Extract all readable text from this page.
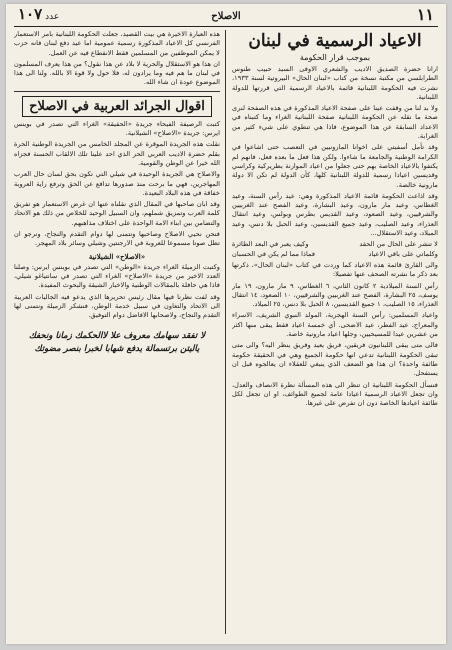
١١
الاصلاح
عدد١٠٧
الاعياد الرسمية في لبنان
بموجب قرار الحكومة

ارانا حضرة الصديق الاديب والشعري الاوفى السيد حبيب طنوس الطرابلسي من مكتبة نسخة من كتاب «لبنان الحال» البيروتية لسنة ١٩٣٣، نشرت فيه الحكومة اللبنانية قائمة بالاعياد الرسمية التي قررتها للدولة اللبنانية.

ولا بد لنا من وقفت عينا على صفحة الاعياد المذكورة في هذه الصفحة لنرى صحة ما نقله عن الحكومة اللبنانية صفحة اللبنانية الغراء وما كتبناه في الاعداد السابقة عن هذا الموضوع، فاذا هي تنطوي على شيء كثير من الغرابة.

وقد تأمل أسفيتي على اخوانا المارونيين في التعصب حتى اشاعوا في الكرامة الوطنية والجامعة ما شاءوا. ولكن هذا فعل ما بعده فعل، فانهم لم يكتفوا بالاعياد الخاصة بهم حتى جعلوا من اعياد الموارنة بطريركية وكراسي وقديسين اعيادا رسمية للدولة اللبنانية كلها، كأن الدولة لم تكن الا دولة مارونية خالصة.

وقد اذاعت الحكومة قائمة الاعياد المذكورة وهي: عيد رأس السنة، وعيد الغطاس، وعيد مار مارون، وعيد البشارة، وعيد الفصح عند الغربيين والشرقيين، وعيد الصعود، وعيد القديس بطرس وبولس، وعيد انتقال العذراء، وعيد الصليب، وعيد جميع القديسين، وعيد الحبل بلا دنس، وعيد الميلاد، وعيد الاستقلال...

لا تنشر على الحال من الحقد
وكيف يعبر في البعد الطائرة
وكلماتي على باقي الاعياد
فماذا مما لم يكن في الحسبان

والى القارئ قائمة هذه الاعياد كما وردت في كتاب «لبنان الحال»، ذكرتها بعد ذكر ما نشرته الصحف عنها تفصيلا:

رأس السنة الميلادية ٢ كانون الثاني، ٦ الغطاس، ٩ مار مارون، ١٩ مار يوسف، ٢٥ البشارة، الفصح عند الغربيين والشرقيين، ١٠ الصعود، ١٤ انتقال العذراء، ١٥ الصليب، ١ جميع القديسين، ٨ الحبل بلا دنس، ٢٥ الميلاد.

واعياد المسلمين: رأس السنة الهجرية، المولد النبوي الشريف، الاسراء والمعراج، عيد الفطر، عيد الاضحى. أي خمسة اعياد فقط يبقى منها اكثر من عشرين عيدا للمسيحيين، وجلها اعياد مارونية خاصة.

فالى متى يبقى اللبنانيون فريقين، فريق يعيد وفريق ينظر اليه؟ والى متى تبقى الحكومة اللبنانية تدعي انها حكومة الجميع وهي في الحقيقة حكومة طائفة واحدة؟ ان هذا هو الضعف الذي ينبغي للعقلاء ان يعالجوه قبل ان يستفحل.

فنسأل الحكومة اللبنانية ان تنظر الى هذه المسألة نظرة الانصاف والعدل، وان تجعل الاعياد الرسمية اعيادا عامة لجميع الطوائف، او ان تجعل لكل طائفة اعيادها الخاصة دون ان تفرض على غيرها.

هذه العبارة الاخيرة هي بيت القصيد، جعلت الحكومة اللبنانية بامر الاستعمار الفرنسي كل الاعياد المذكورة رسمية عمومية اما عيد دفع لبنان فانه حزب لا يمكن الموظفين من المسلمين فقط الانقطاع فيه عن العمل.

ان هذا هو الاستقلال والحرية لا بلاد عن هذا نقول؟ من هذا يعرف المسلمون في لبنان ما هم فيه وما يرادون له، فلا حول ولا قوة الا بالله. ولنا الى هذا الموضوع عودة ان شاء الله.

اقوال الجرائد العربية في الاصلاح

كتبت الرصيفة الفيحاء جريدة «الحقيقة» الغراء التي تصدر في بوينس ايرس: جريدة «الاصلاح» الشيلانية.

نقلت هذه الجريدة الموقرة عن المجلد الخامس من الجريدة الوطنية الحرة بقلم حضرة الاديب العربي الحر الذي احد علينا تلك الالقاب الحسنة فجزاه الله خيرا عن الوطن والقومية.

والاصلاح هي الجريدة الوحيدة في شيلي التي تكون بحق لسان حال العرب المهاجرين، فهي ما برحت منذ صدورها تدافع عن الحق وترفع راية العروبة خفاقة في هذه البلاد البعيدة.

وقد ابان صاحبها في المقال الذي نقلناه عنها ان غرض الاستعمار هو تفريق كلمة العرب وتمزيق شملهم، وان السبيل الوحيد للخلاص من ذلك هو الاتحاد والتضامن بين ابناء الامة الواحدة على اختلاف مذاهبهم.

فنحن نحيي الاصلاح وصاحبها ونتمنى لها دوام التقدم والنجاح، ونرجو ان تظل صوتا مسموعا للعروبة في الارجنتين وشيلي وسائر بلاد المهجر.

«الاصلاح» الشيلانية

وكتبت الزميلة الغراء جريدة «الوطن» التي تصدر في بوينس ايرس: وصلنا العدد الاخير من جريدة «الاصلاح» الغراء التي تصدر في سانتياغو شيلي، فاذا هي حافلة بالمقالات الوطنية والاخبار الشيقة والبحوث المفيدة.

وقد لفت نظرنا فيها مقال رئيس تحريرها الذي يدعو فيه الجاليات العربية الى الاتحاد والتعاون في سبيل خدمة الوطن، فنشكر الزميلة ونتمنى لها التقدم والنجاح، ولاصحابها الافاضل دوام التوفيق.

لا تفقد سهامك معروف علا لاالحكمك زمانا ونحفك
ياليتن برتسمالة يدفع شهابا لخبرا بنصر مضوتك
